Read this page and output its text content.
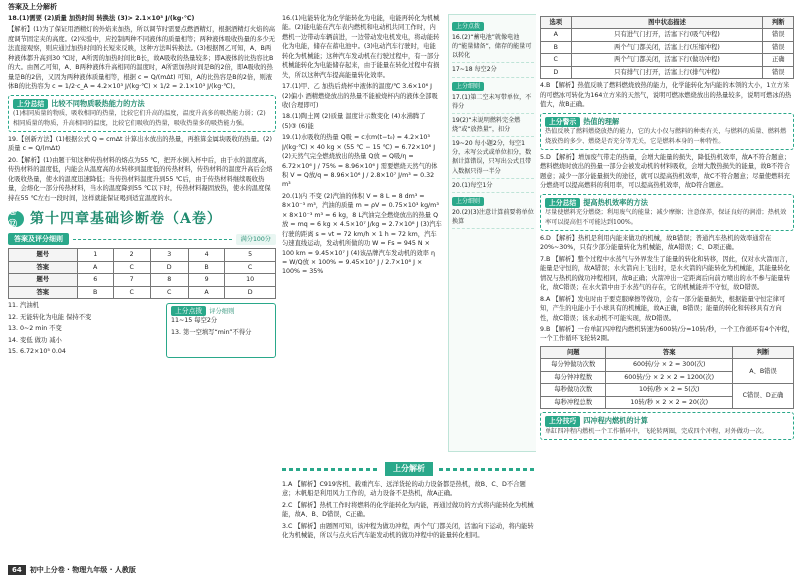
答案及上分解析

18.(1)需要 (2)质量 加热时间 转换法 (3)> 2.1×10³ J/(kg·℃)

【解析】(1)为了保证用酒精灯的外焰来加热，所以调节时需要点燃酒精灯，根据酒精灯火焰的高度调节固定夹的高度。(2)实验中，应控制两种不同液体的质量相等；两种液体吸收热量的多少无法直接观察，则应通过加热时间的长短来反映，这种方法叫转换法。(3)根据图乙可知，A、B两种液体都升高到30 ℃时，A所需的加热时间比B长，故A吸收的热量较多；即A液体的比热容比B的大。由图乙可知，A、B两种液体升高相同的温度时，A所需加热时间是B的2倍，即A吸收的热量是B的2倍，又因为两种液体质量相等，根据 c = Q/(mΔt) 可知，A的比热容是B的2倍，则液体B的比热容为 c = 1/2·c_A = 4.2×10³ J/(kg·℃) × 1/2 = 2.1×10³ J/(kg·℃)。

上分总结 比较不同物质吸热能力的方法
(1)相同质量的物质，吸收相同的热量，比较它们升高的温度，温度升高多的吸热能力弱；(2)相同质量的物质，升高相同的温度，比较它们吸收的热量，吸收热量多的吸热能力强。

19.【创新方法】(1)根据公式 Q = cmΔt 计算出水放出的热量，再推算金属块吸收的热量。(2)质量 c = Q/(mΔt)

20.【解析】(1)由题干知这种传热材料的熔点为55 ℃，把开水倒入杯中后，由于水的温度高，传热材料的温度低，内能会从温度高的水转移到温度低的传热材料，传热材料的温度升高后会熔化吸收热量，使水的温度迅速降低；当传热材料温度升到55 ℃后，由于传热材料继续吸收热量，会熔化一部分传热材料，当水的温度降到55 ℃以下时，传热材料凝固放热，使水的温度保持在55 ℃左右一段时间，这样就能保证喝到适宜温度的水。

卷⑫ 第十四章基础诊断卷（A卷）
答案及评分细则	满分100分
题号	1	2	3	4	5
答案	A	C	D	B	C
题号	6	7	8	9	10
答案	B	C	C	A	D

11. 汽油机

12. 无能转化为电能 保持不变

13. 0~2 min 不变

14. 变低 做功 减小

15. 6.72×10⁵ 0.04

上分点拨	评分细则

11~15 每空2分

13. 第一空填写“min”不得分

16.(1)电能转化为化学能转化为电能，电能再转化为机械能。(2)能电能在汽车表内燃机和电动机共同工作时，内燃机一边带动车辆前进，一边带动发电机发电，将动能转化为电能，储存在蓄电池中。(3)电动汽车行驶时，电能转化为机械能；这种汽车发动机在行驶过程中，有一部分机械能转化为电能储存起来，由于能量在转化过程中有损失，所以这种汽车提高能量转化效率。

17.(1)甲、乙 加热后烧杯中液体的温度/℃ 3.6×10⁶ J (2)偏小 酒精燃烧放出的热量不能被烧杯内的液体全部吸收(合理即可)

18.(1)陶土网 (2)质量 温度计示数变化 (4)水沸腾了 (5)③ (6)能

19.(1)水吸收的热量 Q吸 = c水m(t−t₀) = 4.2×10³ J/(kg·℃) × 40 kg × (55 ℃ − 15 ℃) = 6.72×10⁶ J (2)天然气完全燃烧放出的热量 Q放 = Q吸/η = 6.72×10⁶ J / 75% = 8.96×10⁶ J 需要燃烧天然气的体积 V = Q放/q = 8.96×10⁶ J / 2.8×10⁷ J/m³ = 0.32 m³

20.(1)内 不变 (2)汽油的体积 V = 8 L = 8 dm³ = 8×10⁻³ m³，汽油的质量 m = ρV = 0.75×10³ kg/m³ × 8×10⁻³ m³ = 6 kg，8 L汽油完全燃烧放出的热量 Q放 = mq = 6 kg × 4.5×10⁷ J/kg = 2.7×10⁸ J (3)汽车行驶的距离 s = vt = 72 km/h × 1 h = 72 km，汽车匀速直线运动，发动机所做的功 W = Fs = 945 N × 100 km = 9.45×10⁷ J (4)该品牌汽车发动机的效率 η = W/Q放 × 100% = 9.45×10⁷ J / 2.7×10⁸ J × 100% = 35%

上分点拨
16.(2)“蓄电池”就像电池的“能量储备”，储存的能量可以转化
17~18 每空2分
上分细则
17.(1)第二空未写带单位，不得分
19(2)“未说明燃料完全燃烧”或“放热量”，扣分
19~20 每小题2分，每空1分，未写公式或单位扣分，数据计算错误，只写出公式且带入数据只得一半分
20.(1)每空1分
上分细则
20.(2)(3)注意计算前要将单位换算
上分解析

1.A 【解析】C919客机、载重汽车、远洋货轮的动力设备都是热机，故B、C、D不合题意；木帆船是利用风力工作的，动力设备不是热机，故A正确。

2.C 【解析】热机工作时将燃料的化学能转化为内能，再通过做功的方式将内能转化为机械能，故A、B、D错误，C正确。

3.C 【解析】由题图可知，该冲程为做功冲程，两个气门都关闭，活塞向下运动，将内能转化为机械能，所以与点火后汽车能发动机的做功冲程中的能量转化相同。

选项	图中状态描述	判断
A	只有进气门打开，活塞下行(吸气冲程)	错误
B	两个气门都关闭，活塞上行(压缩冲程)	错误
C	两个气门都关闭，活塞下行(做功冲程)	正确
D	只有排气门打开，活塞上行(排气冲程)	错误

4.B 【解析】热值反映了燃料燃烧放热的能力，化学能转化为内能的本领的大小，1立方米的可燃冰可转化为164立方米的天然气，说明可燃冰燃烧放出的热量较多，说明可燃冰的热值大，故B正确。

上分警示 热值的理解
热值反映了燃料燃烧放热的能力，它的大小仅与燃料的种类有关，与燃料的质量、燃料燃烧放热的多少、燃烧是否充分等无关，它是燃料本身的一种特性。

5.D 【解析】增加废气带走的热量，会增大能量的损失，降低热机效率，故A不符合题意；燃料燃烧时放出的热量一部分会被发动机的材料吸收，会增大散热损失的能量，故B不符合题意；减少一部分能量损失的途径，就可以提高热机效率，故C不符合题意；尽量使燃料充分燃烧可以提高燃料的利用率，可以提高热机效率，故D符合题意。

上分总结 提高热机效率的方法
尽量使燃料充分燃烧；利用废气的能量；减少摩擦；注意保养，保证良好的润滑；热机效率可以提高但不可能达到100%。

6.D 【解析】热机是利用内能来做功的机械，故B错误；普通汽车热机的效率通常在20%~30%，只有少部分能量转化为机械能，故A错误；C、D项正确。

7.B 【解析】整个过程中水蒸气与外界发生了能量的转化和转移，因此，仅对水火箭而言，能量是守恒的，故A错误；水火箭向上飞出时，是水火箭的内能转化为机械能，其能量转化情况与热机的做功冲程相同，故B正确；火箭冲出一定距离后向前方喷出的水不参与能量转化，故C错误；在水火箭中由于水蒸气的存在，它的机械能并不守恒，故D错误。

8.A 【解析】发电时由于要克服摩擦等做功，会有一部分能量损失，根据能量守恒定律可知，产生的电能小于小球具有的机械能，故A正确，B错误；能量的转化和转移具有方向性，故C错误；该永动机不可能实现，故D错误。

9.B 【解析】一台单缸四冲程内燃机转速为600转/分=10转/秒，一个工作循环有4个冲程，一个工作循环飞轮转2圈。

问题	答案	判断
每分钟做功次数	600转/分 × 2 = 300(次)	A、B错误
每分钟冲程数	600转/分 × 2 × 2 = 1200(次)	
每秒做功次数	10转/秒 × 2 = 5(次)	C错误、D正确
每秒冲程总数	10转/秒 × 2 × 2 = 20(次)	
上分技巧 四冲程内燃机的计算
单缸四冲程内燃机一个工作循环中，飞轮转两圈，完成四个冲程，对外做功一次。
64	初中上分卷 · 物理九年级 · 人教版
